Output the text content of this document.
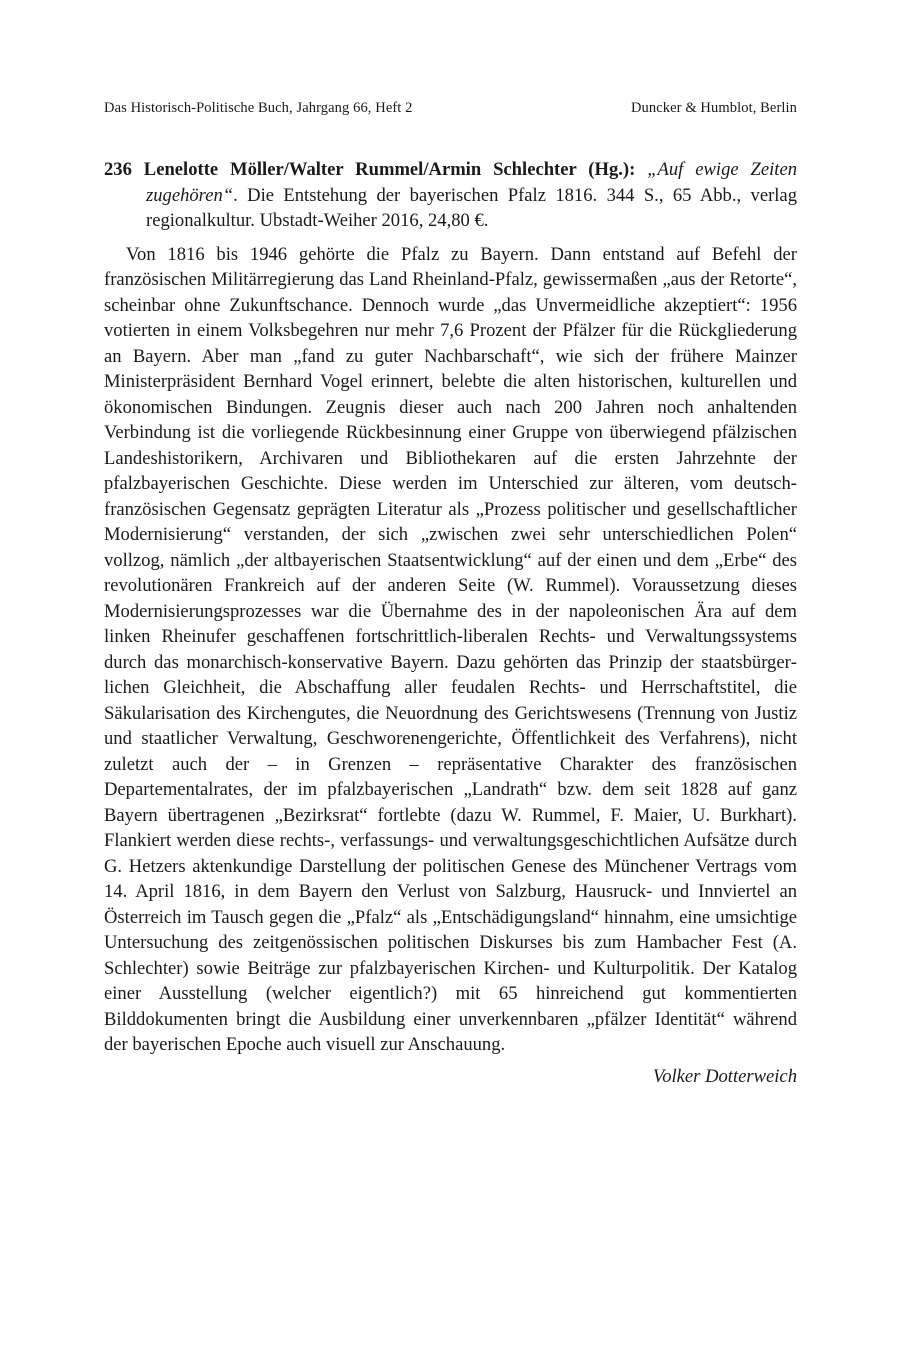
Das Historisch-Politische Buch, Jahrgang 66, Heft 2	Duncker & Humblot, Berlin
236 Lenelotte Möller/Walter Rummel/Armin Schlechter (Hg.): „Auf ewige Zeiten zugehören“. Die Entstehung der bayerischen Pfalz 1816. 344 S., 65 Abb., verlag regionalkultur. Ubstadt-Weiher 2016, 24,80 €.
Von 1816 bis 1946 gehörte die Pfalz zu Bayern. Dann entstand auf Befehl der französischen Militärregierung das Land Rheinland-Pfalz, gewissermaßen „aus der Retorte“, scheinbar ohne Zukunftschance. Dennoch wurde „das Unvermeidliche akzeptiert“: 1956 votierten in einem Volksbegehren nur mehr 7,6 Prozent der Pfälzer für die Rückgliederung an Bayern. Aber man „fand zu guter Nachbarschaft“, wie sich der frühere Mainzer Ministerpräsident Bernhard Vogel erinnert, belebte die alten historischen, kulturellen und ökonomischen Bindungen. Zeugnis dieser auch nach 200 Jahren noch anhaltenden Verbindung ist die vorliegende Rückbesinnung einer Gruppe von überwiegend pfälzischen Landeshistorikern, Archivaren und Bibliothekaren auf die ersten Jahrzehnte der pfalzbayerischen Geschichte. Diese werden im Unterschied zur älteren, vom deutsch-französischen Gegensatz geprägten Literatur als „Prozess politischer und gesellschaftlicher Modernisierung“ verstanden, der sich „zwischen zwei sehr unterschiedlichen Polen“ vollzog, nämlich „der altbayerischen Staatsentwicklung“ auf der einen und dem „Erbe“ des revolutionären Frankreich auf der anderen Seite (W. Rummel). Voraussetzung dieses Modernisierungsprozesses war die Übernahme des in der napoleonischen Ära auf dem linken Rheinufer geschaffenen fortschrittlich-liberalen Rechts- und Verwaltungssystems durch das monarchisch-konservative Bayern. Dazu gehörten das Prinzip der staatsbürgerlichen Gleichheit, die Abschaffung aller feudalen Rechts- und Herrschaftstitel, die Säkularisation des Kirchengutes, die Neuordnung des Gerichtswesens (Trennung von Justiz und staatlicher Verwaltung, Geschworenengerichte, Öffentlichkeit des Verfahrens), nicht zuletzt auch der – in Grenzen – repräsentative Charakter des französischen Departementalrates, der im pfalzbayerischen „Landrath“ bzw. dem seit 1828 auf ganz Bayern übertragenen „Bezirksrat“ fortlebte (dazu W. Rummel, F. Maier, U. Burkhart). Flankiert werden diese rechts-, verfassungs- und verwaltungsgeschichtlichen Aufsätze durch G. Hetzers aktenkundige Darstellung der politischen Genese des Münchener Vertrags vom 14. April 1816, in dem Bayern den Verlust von Salzburg, Hausruck- und Innviertel an Österreich im Tausch gegen die „Pfalz“ als „Entschädigungsland“ hinnahm, eine umsichtige Untersuchung des zeitgenössischen politischen Diskurses bis zum Hambacher Fest (A. Schlechter) sowie Beiträge zur pfalzbayerischen Kirchen- und Kulturpolitik. Der Katalog einer Ausstellung (welcher eigentlich?) mit 65 hinreichend gut kommentierten Bilddokumenten bringt die Ausbildung einer unverkennbaren „pfälzer Identität“ während der bayerischen Epoche auch visuell zur Anschauung.
Volker Dotterweich
